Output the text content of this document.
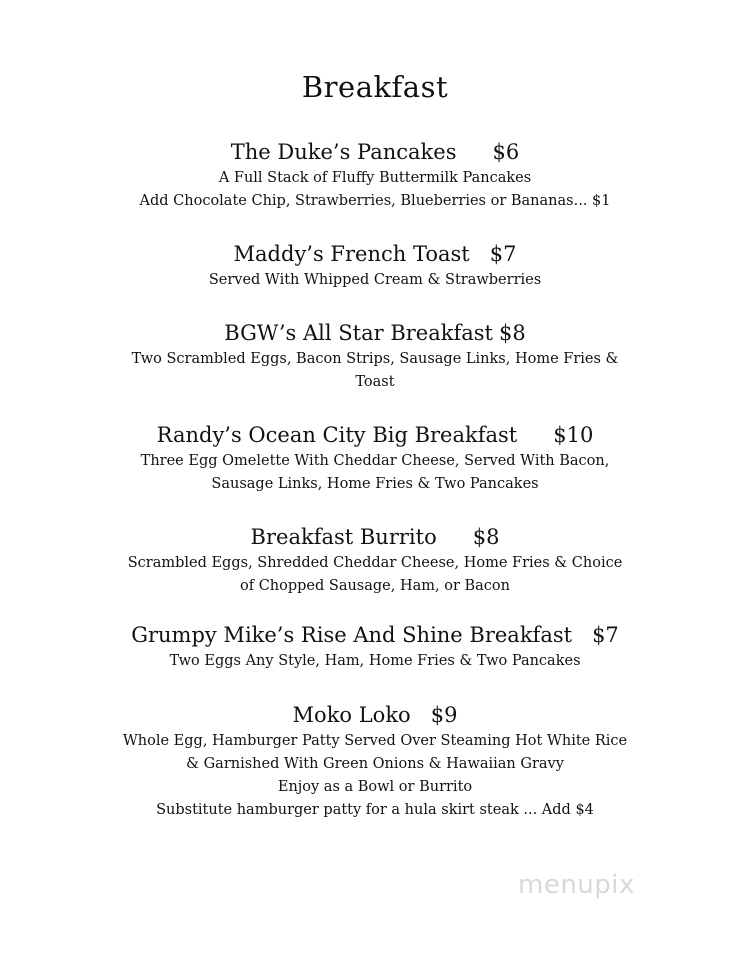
Breakfast
The Duke’s Pancakes $6
A Full Stack of Fluffy Buttermilk Pancakes
Add Chocolate Chip, Strawberries, Blueberries or Bananas... $1
Maddy’s French Toast $7
Served With Whipped Cream & Strawberries
BGW’s All Star Breakfast $8
Two Scrambled Eggs, Bacon Strips, Sausage Links, Home Fries &
Toast
Randy’s Ocean City Big Breakfast $10
Three Egg Omelette With Cheddar Cheese, Served With Bacon,
Sausage Links, Home Fries & Two Pancakes
Breakfast Burrito $8
Scrambled Eggs, Shredded Cheddar Cheese, Home Fries & Choice
of Chopped Sausage, Ham, or Bacon
Grumpy Mike’s Rise And Shine Breakfast $7
Two Eggs Any Style, Ham, Home Fries & Two Pancakes
Moko Loko $9
Whole Egg, Hamburger Patty Served Over Steaming Hot White Rice
& Garnished With Green Onions & Hawaiian Gravy
Enjoy as a Bowl or Burrito
Substitute hamburger patty for a hula skirt steak ... Add $4
menupix
